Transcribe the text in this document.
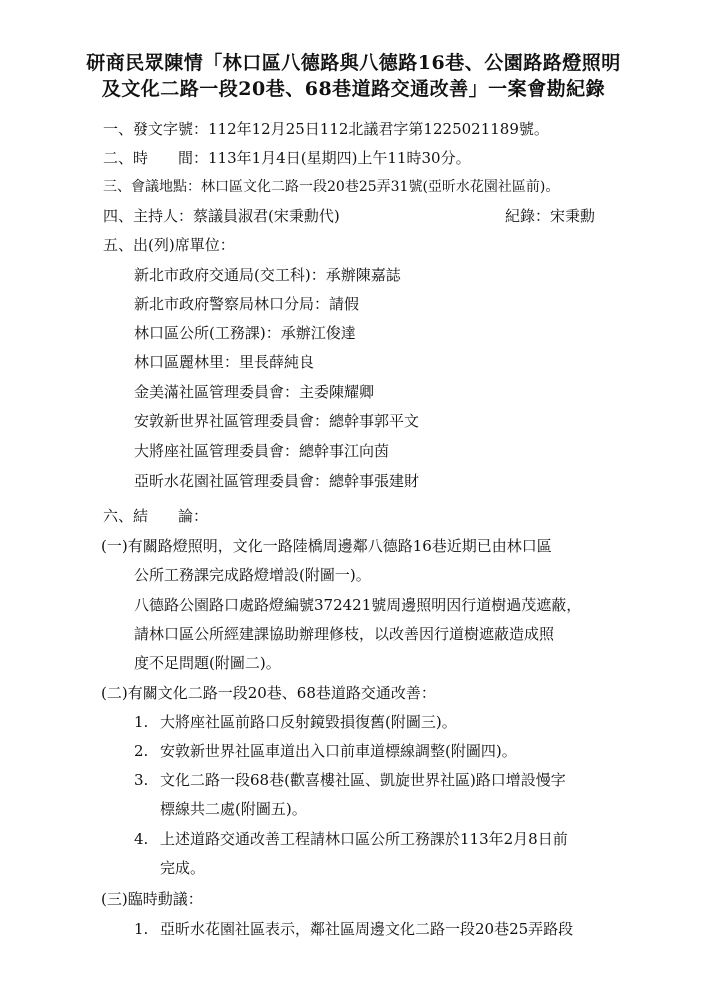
研商民眾陳情「林口區八德路與八德路16巷、公園路路燈照明
及文化二路一段20巷、68巷道路交通改善」一案會勘紀錄
一、發文字號：112年12月25日112北議君字第1225021189號。
二、時　　間：113年1月4日(星期四)上午11時30分。
三、會議地點：林口區文化二路一段20巷25弄31號(亞昕水花園社區前)。
四、主持人：蔡議員淑君(宋秉勳代)	紀錄：宋秉勳
五、出(列)席單位：
新北市政府交通局(交工科)：承辦陳嘉誌
新北市政府警察局林口分局：請假
林口區公所(工務課)：承辦江俊達
林口區麗林里：里長薛純良
金美滿社區管理委員會：主委陳耀卿
安敦新世界社區管理委員會：總幹事郭平文
大將座社區管理委員會：總幹事江向茵
亞昕水花園社區管理委員會：總幹事張建財
六、結　　論：
(一)有關路燈照明，文化一路陸橋周邊鄰八德路16巷近期已由林口區
公所工務課完成路燈增設(附圖一)。
八德路公園路口處路燈編號372421號周邊照明因行道樹過茂遮蔽，
請林口區公所經建課協助辦理修枝，以改善因行道樹遮蔽造成照
度不足問題(附圖二)。
(二)有關文化二路一段20巷、68巷道路交通改善：
1. 大將座社區前路口反射鏡毀損復舊(附圖三)。
2. 安敦新世界社區車道出入口前車道標線調整(附圖四)。
3. 文化二路一段68巷(歡喜樓社區、凱旋世界社區)路口增設慢字
標線共二處(附圖五)。
4. 上述道路交通改善工程請林口區公所工務課於113年2月8日前
完成。
(三)臨時動議：
1. 亞昕水花園社區表示，鄰社區周邊文化二路一段20巷25弄路段
